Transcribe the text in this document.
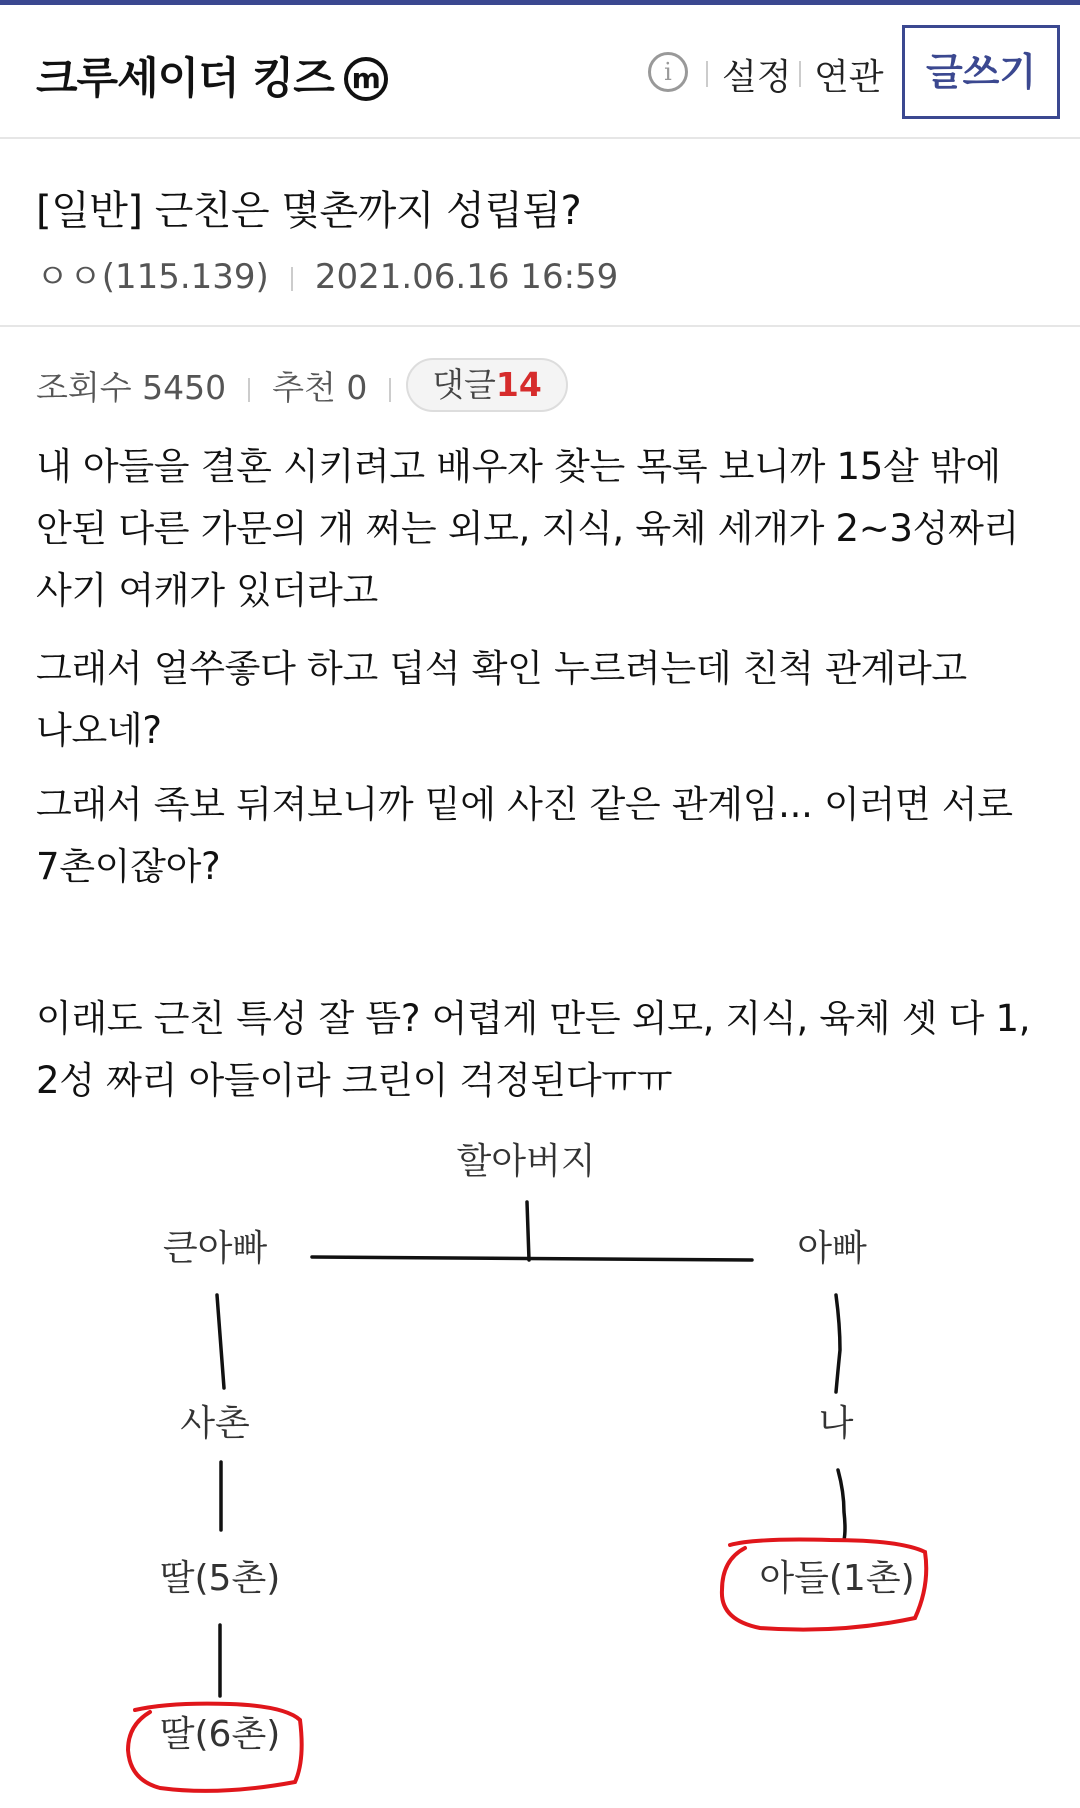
크루세이더 킹즈 m	i	설정 연관	글쓰기
[일반] 근친은 몇촌까지 성립됨?
ㅇㅇ(115.139) 2021.06.16 16:59
조회수 5450 추천 0	댓글14
내 아들을 결혼 시키려고 배우자 찾는 목록 보니까 15살 밖에 안된 다른 가문의 개 쩌는 외모, 지식, 육체 세개가 2~3성짜리 사기 여캐가 있더라고
그래서 얼쑤좋다 하고 덥석 확인 누르려는데 친척 관계라고 나오네?
그래서 족보 뒤져보니까 밑에 사진 같은 관계임... 이러면 서로 7촌이잖아?
이래도 근친 특성 잘 뜸? 어렵게 만든 외모, 지식, 육체 셋 다 1, 2성 짜리 아들이라 크린이 걱정된다ㅠㅠ
할아버지
큰아빠	아빠
사촌	나
딸(5촌)	아들(1촌)
딸(6촌)
